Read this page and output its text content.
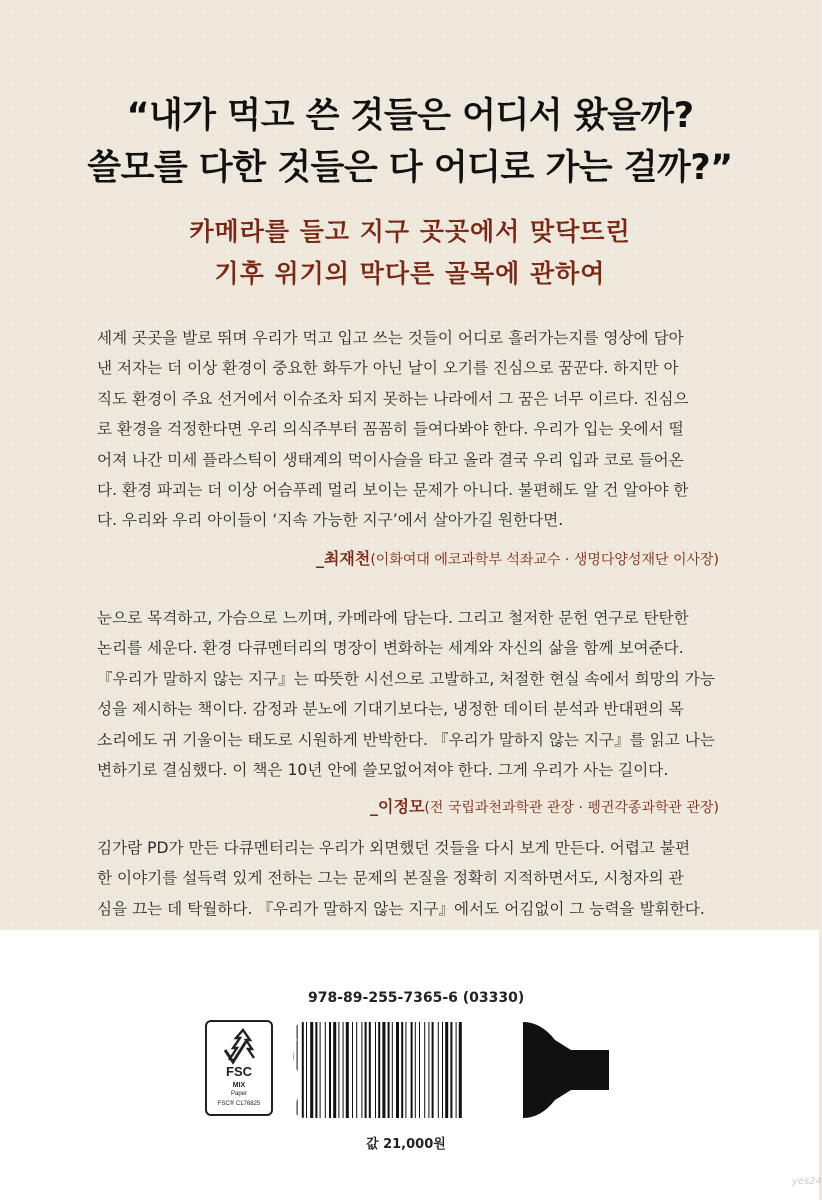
“내가 먹고 쓴 것들은 어디서 왔을까?
쓸모를 다한 것들은 다 어디로 가는 걸까?”
카메라를 들고 지구 곳곳에서 맞닥뜨린
기후 위기의 막다른 골목에 관하여
세계 곳곳을 발로 뛰며 우리가 먹고 입고 쓰는 것들이 어디로 흘러가는지를 영상에 담아
낸 저자는 더 이상 환경이 중요한 화두가 아닌 날이 오기를 진심으로 꿈꾼다. 하지만 아
직도 환경이 주요 선거에서 이슈조차 되지 못하는 나라에서 그 꿈은 너무 이르다. 진심으
로 환경을 걱정한다면 우리 의식주부터 꼼꼼히 들여다봐야 한다. 우리가 입는 옷에서 떨
어져 나간 미세 플라스틱이 생태계의 먹이사슬을 타고 올라 결국 우리 입과 코로 들어온
다. 환경 파괴는 더 이상 어슴푸레 멀리 보이는 문제가 아니다. 불편해도 알 건 알아야 한
다. 우리와 우리 아이들이 ‘지속 가능한 지구’에서 살아가길 원한다면.
_최재천(이화여대 에코과학부 석좌교수 · 생명다양성재단 이사장)
눈으로 목격하고, 가슴으로 느끼며, 카메라에 담는다. 그리고 철저한 문헌 연구로 탄탄한
논리를 세운다. 환경 다큐멘터리의 명장이 변화하는 세계와 자신의 삶을 함께 보여준다.
『우리가 말하지 않는 지구』는 따뜻한 시선으로 고발하고, 처절한 현실 속에서 희망의 가능
성을 제시하는 책이다. 감정과 분노에 기대기보다는, 냉정한 데이터 분석과 반대편의 목
소리에도 귀 기울이는 태도로 시원하게 반박한다. 『우리가 말하지 않는 지구』를 읽고 나는
변하기로 결심했다. 이 책은 10년 안에 쓸모없어져야 한다. 그게 우리가 사는 길이다.
_이정모(전 국립과천과학관 관장 · 펭귄각종과학관 관장)
김가람 PD가 만든 다큐멘터리는 우리가 외면했던 것들을 다시 보게 만든다. 어렵고 불편
한 이야기를 설득력 있게 전하는 그는 문제의 본질을 정확히 지적하면서도, 시청자의 관
심을 끄는 데 탁월하다. 『우리가 말하지 않는 지구』에서도 어김없이 그 능력을 발휘한다.
978-89-255-7365-6 (03330)
FSC
MIX
Paper
FSC® C176825
값 21,000원
yes24
